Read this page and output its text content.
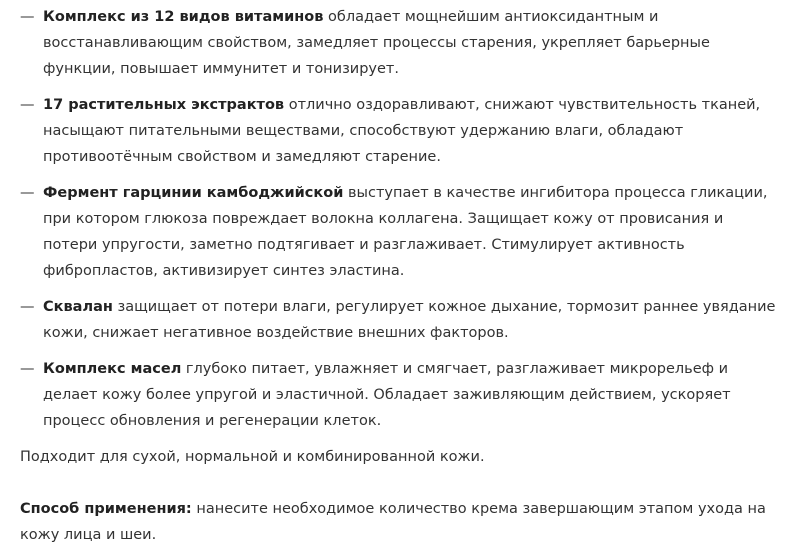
— Комплекс из 12 видов витаминов обладает мощнейшим антиоксидантным и восстанавливающим свойством, замедляет процессы старения, укрепляет барьерные функции, повышает иммунитет и тонизирует.
— 17 растительных экстрактов отлично оздоравливают, снижают чувствительность тканей, насыщают питательными веществами, способствуют удержанию влаги, обладают противоотёчным свойством и замедляют старение.
— Фермент гарцинии камбоджийской выступает в качестве ингибитора процесса гликации, при котором глюкоза повреждает волокна коллагена. Защищает кожу от провисания и потери упругости, заметно подтягивает и разглаживает. Стимулирует активность фибропластов, активизирует синтез эластина.
— Сквалан защищает от потери влаги, регулирует кожное дыхание, тормозит раннее увядание кожи, снижает негативное воздействие внешних факторов.
— Комплекс масел глубоко питает, увлажняет и смягчает, разглаживает микрорельеф и делает кожу более упругой и эластичной. Обладает заживляющим действием, ускоряет процесс обновления и регенерации клеток.

Подходит для сухой, нормальной и комбинированной кожи.

Способ применения: нанесите необходимое количество крема завершающим этапом ухода на кожу лица и шеи.
